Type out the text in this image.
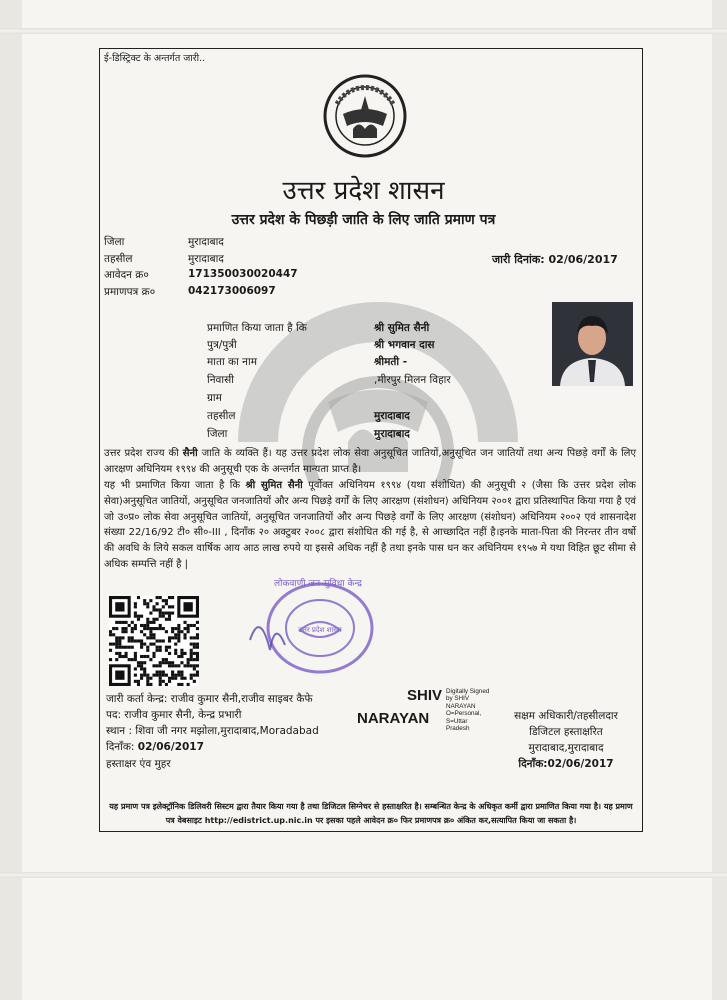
ई-डिस्ट्रिक्ट के अन्तर्गत जारी..
उत्तर प्रदेश शासन
उत्तर प्रदेश के पिछड़ी जाति के लिए जाति प्रमाण पत्र
जिला	मुरादाबाद
तहसील	मुरादाबाद
आवेदन क्र०	171350030020447
प्रमाणपत्र क्र०	042173006097
जारी दिनांक: 02/06/2017
प्रमाणित किया जाता है कि	श्री सुमित सैनी
पुत्र/पुत्री	श्री भगवान दास
माता का नाम	श्रीमती -
निवासी	,मीरपुर मिलन विहार
ग्राम
तहसील	मुरादाबाद
जिला	मुरादाबाद
उत्तर प्रदेश राज्य की सैनी जाति के व्यक्ति हैं। यह उत्तर प्रदेश लोक सेवा अनुसूचित जातियों,अनुसूचित जन जातियों तथा अन्य पिछड़े वर्गों के लिए आरक्षण अधिनियम १९९४ की अनुसूची एक के अन्तर्गत मान्यता प्राप्त है।
यह भी प्रमाणित किया जाता है कि श्री सुमित सैनी पूर्वोक्त अधिनियम १९९४ (यथा संशोधित) की अनुसूची २ (जैसा कि उत्तर प्रदेश लोक सेवा)अनुसूचित जातियों, अनुसूचित जनजातियों और अन्य पिछड़े वर्गों के लिए आरक्षण (संशोधन) अधिनियम २००१ द्वारा प्रतिस्थापित किया गया है एवं जो उ०प्र० लोक सेवा अनुसूचित जातियों, अनुसूचित जनजातियों और अन्य पिछड़े वर्गों के लिए आरक्षण (संशोधन) अधिनियम २००२ एवं शासनादेश संख्या 22/16/92 टी० सी०-III , दिनाँक २० अक्टुबर २००८ द्वारा संशोधित की गई है, से आच्छादित नहीं है।इनके माता-पिता की निरन्तर तीन वर्षो की अवधि के लिये सकल वार्षिक आय आठ लाख रुपये या इससे अधिक नहीं है तथा इनके पास धन कर अधिनियम १९५७ मे यथा विहित छूट सीमा से अधिक सम्पत्ति नहीं है |
लोकवाणी जन-सुविधा केन्द्र
उत्तर प्रदेश शासन
जारी कर्ता केन्द्र: राजीव कुमार सैनी,राजीव साइबर कैफे
पद: राजीव कुमार सैनी, केन्द्र प्रभारी
स्थान : शिवा जी नगर मझोला,मुरादाबाद,Moradabad
दिनाँक: 02/06/2017
हस्ताक्षर एंव मुहर
SHIV
NARAYAN
Digitally Signed
by SHIV
NARAYAN
O=Personal,
S=Uttar
Pradesh
सक्षम अधिकारी/तहसीलदार
डिजिटल हस्ताक्षरित
मुरादाबाद,मुरादाबाद
दिनाँक:02/06/2017
यह प्रमाण पत्र इलेक्ट्रॉनिक डिलिवरी सिस्टम द्वारा तैयार किया गया है तथा डिजिटल सिग्नेचर से हस्ताक्षरित है। सम्बन्धित केन्द्र के अधिकृत कर्मी द्वारा प्रमाणित किया गया है। यह प्रमाण पत्र वेबसाइट http://edistrict.up.nic.in पर इसका पहले आवेदन क्र० फिर प्रमाणपत्र क्र० अंकित कर,सत्यापित किया जा सकता है।
